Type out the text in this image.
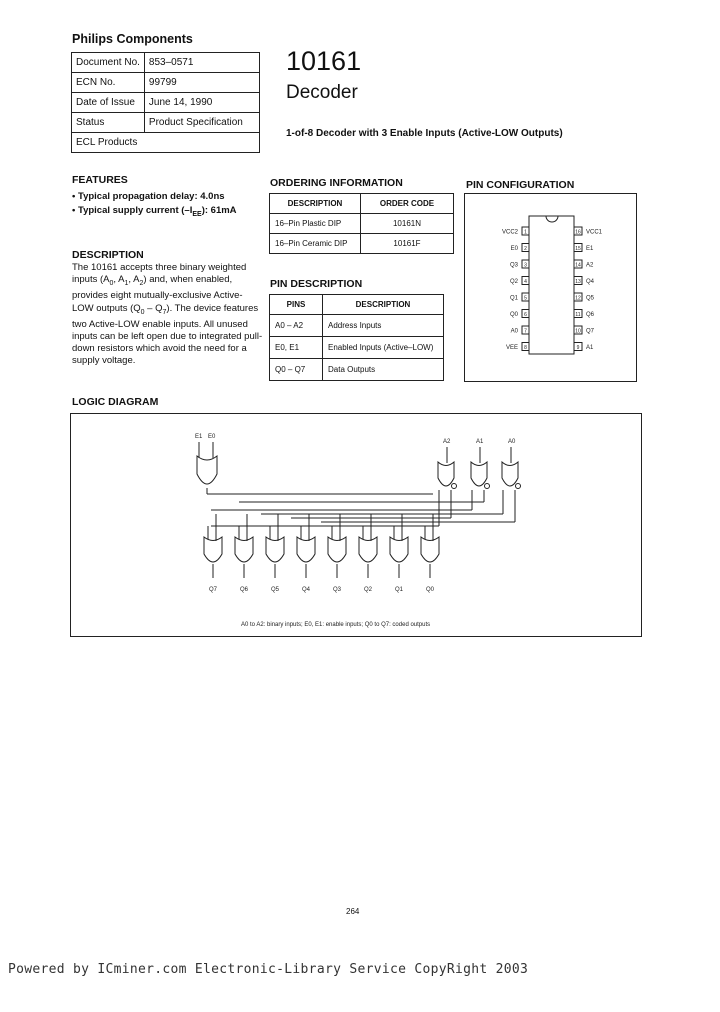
Philips Components
Document No.	853–0571
ECN No.	99799
Date of Issue	June 14, 1990
Status	Product Specification
ECL Products	
10161
Decoder
1-of-8 Decoder with 3 Enable Inputs (Active-LOW Outputs)
FEATURES
• Typical propagation delay: 4.0ns
• Typical supply current $(-I_{EE})$: 61mA
DESCRIPTION
The 10161 accepts three binary weighted inputs ($A_0$, $A_1$, $A_2$) and, when enabled, provides eight mutually-exclusive Active-LOW outputs $(Q_0 - Q_7)$. The device features two Active-LOW enable inputs. All unused inputs can be left open due to integrated pull-down resistors which avoid the need for a supply voltage.
ORDERING INFORMATION
DESCRIPTION	ORDER CODE
16–Pin Plastic DIP	10161N
16–Pin Ceramic DIP	10161F
PIN DESCRIPTION
PINS	DESCRIPTION
A0 – A2	Address Inputs
E0, E1	Enabled Inputs (Active–LOW)
Q0 – Q7	Data Outputs
PIN CONFIGURATION
1
VCC2
2
E0
3
Q3
4
Q2
5
Q1
6
Q0
7
A0
8
VEE
16 VCC1
15 E1
14 A2
13 Q4
12 Q5
11 Q6
10 Q7
9 A1
LOGIC DIAGRAM
Q7	Q6	Q5	Q4	Q3	Q2	Q1	Q0
E1 E0
A2	A1	A0
A0 to A2: binary inputs; E0, E1: enable inputs; Q0 to Q7: coded outputs
264
Powered by ICminer.com Electronic-Library Service CopyRight 2003
